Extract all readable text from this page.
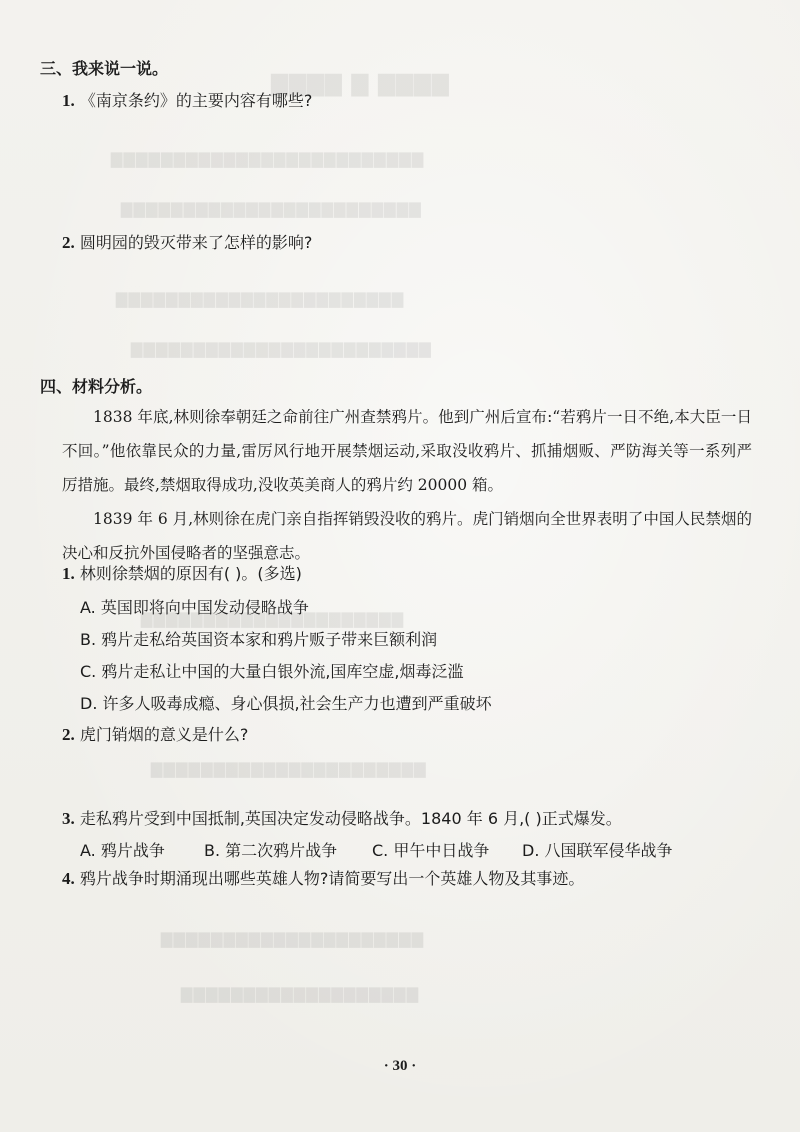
▇▇▇▇ ▇ ▇▇▇▇
▇▇▇▇▇▇▇▇▇▇▇▇▇▇▇▇▇▇▇▇▇▇▇▇▇
▇▇▇▇▇▇▇▇▇▇▇▇▇▇▇▇▇▇▇▇▇▇▇▇
▇▇▇▇▇▇▇▇▇▇▇▇▇▇▇▇▇▇▇▇▇▇▇
▇▇▇▇▇▇▇▇▇▇▇▇▇▇▇▇▇▇▇▇▇▇▇▇
▇▇▇▇▇▇▇▇▇▇▇▇▇▇▇▇▇▇▇▇▇
▇▇▇▇▇▇▇▇▇▇▇▇▇▇▇▇▇▇▇▇▇▇
▇▇▇▇▇▇▇▇▇▇▇▇▇▇▇▇▇▇▇▇▇
▇▇▇▇▇▇▇▇▇▇▇▇▇▇▇▇▇▇▇
三、我来说一说。
1. 《南京条约》的主要内容有哪些?
2. 圆明园的毁灭带来了怎样的影响?
四、材料分析。
1838 年底,林则徐奉朝廷之命前往广州查禁鸦片。他到广州后宣布:“若鸦片一日不绝,本大臣一日不回。”他依靠民众的力量,雷厉风行地开展禁烟运动,采取没收鸦片、抓捕烟贩、严防海关等一系列严厉措施。最终,禁烟取得成功,没收英美商人的鸦片约 20000 箱。
1839 年 6 月,林则徐在虎门亲自指挥销毁没收的鸦片。虎门销烟向全世界表明了中国人民禁烟的决心和反抗外国侵略者的坚强意志。
1. 林则徐禁烟的原因有( )。(多选)
A. 英国即将向中国发动侵略战争
B. 鸦片走私给英国资本家和鸦片贩子带来巨额利润
C. 鸦片走私让中国的大量白银外流,国库空虚,烟毒泛滥
D. 许多人吸毒成瘾、身心俱损,社会生产力也遭到严重破坏
2. 虎门销烟的意义是什么?
3. 走私鸦片受到中国抵制,英国决定发动侵略战争。1840 年 6 月,( )正式爆发。
A. 鸦片战争 B. 第二次鸦片战争 C. 甲午中日战争 D. 八国联军侵华战争
4. 鸦片战争时期涌现出哪些英雄人物?请简要写出一个英雄人物及其事迹。
· 30 ·
